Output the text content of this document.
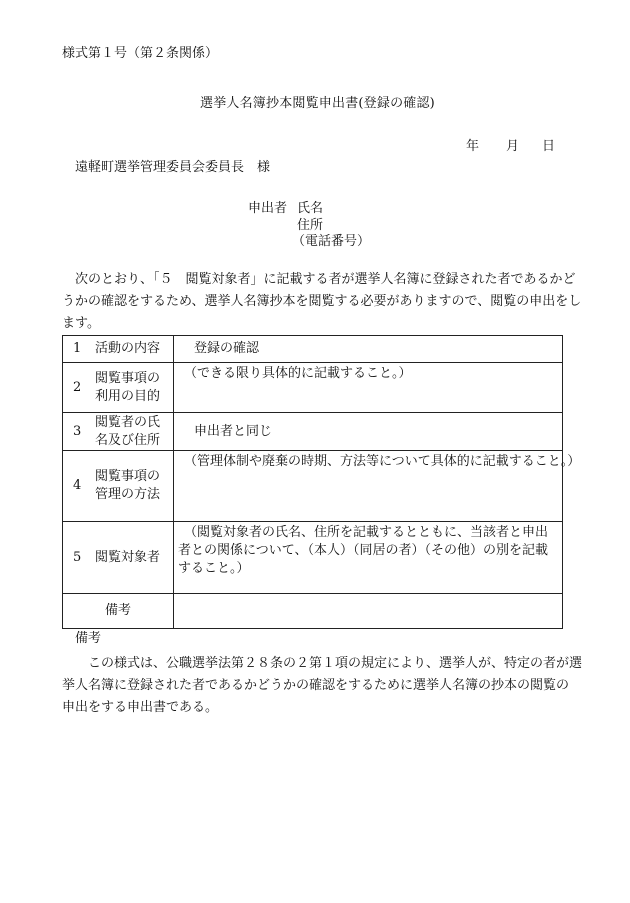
様式第１号（第２条関係）
選挙人名簿抄本閲覧申出書(登録の確認)
年 月 日
遠軽町選挙管理委員会委員長　様
申出者 氏名
住所
（電話番号）
次のとおり、「５　閲覧対象者」に記載する者が選挙人名簿に登録された者であるかど
うかの確認をするため、選挙人名簿抄本を閲覧する必要がありますので、閲覧の申出をし
ます。
1 活動の内容	登録の確認

2
閲覧事項の利用の目的	（できる限り具体的に記載すること。）

3
閲覧者の氏名及び住所	申出者と同じ

4
閲覧事項の管理の方法	（管理体制や廃棄の時期、方法等について具体的に記載すること。）

5 閲覧対象者	（閲覧対象者の氏名、住所を記載するとともに、当該者と申出者との関係について、（本人）（同居の者）（その他）の別を記載すること。）

備考	
備考
この様式は、公職選挙法第２８条の２第１項の規定により、選挙人が、特定の者が選
挙人名簿に登録された者であるかどうかの確認をするために選挙人名簿の抄本の閲覧の
申出をする申出書である。
